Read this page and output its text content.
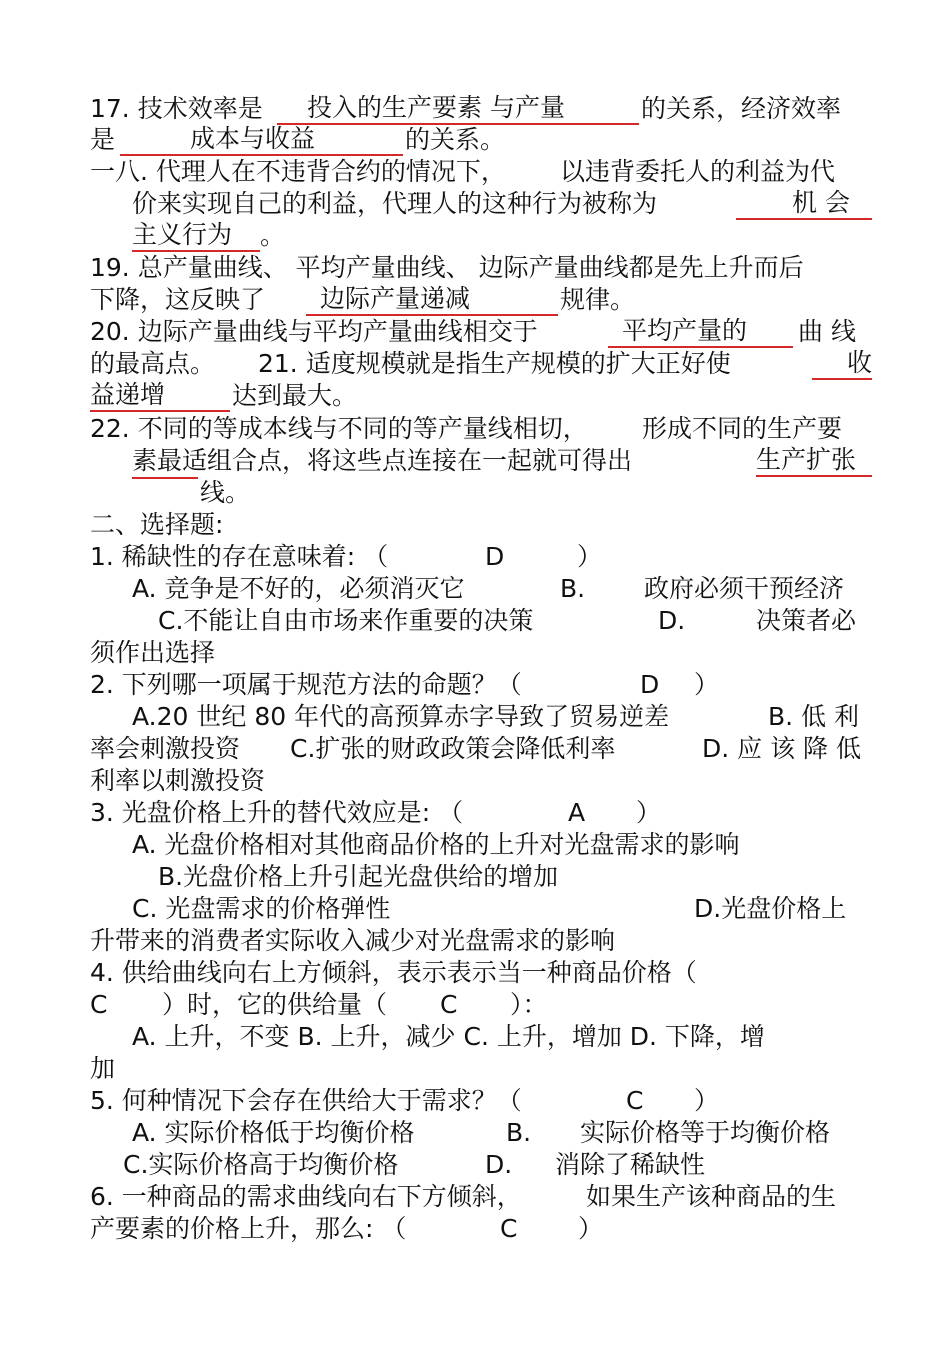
17. 技术效率是	投入的生产要素 与产量	的关系，经济效率
是	成本与收益	的关系。
一八. 代理人在不违背合约的情况下， 以违背委托人的利益为代
价来实现自己的利益，代理人的这种行为被称为	机 会
主义行为	。
19. 总产量曲线、 平均产量曲线、 边际产量曲线都是先上升而后
下降，这反映了	边际产量递减	规律。
20. 边际产量曲线与平均产量曲线相交于	平均产量的	曲 线
的最高点。 21. 适度规模就是指生产规模的扩大正好使	收
益递增	达到最大。
22. 不同的等成本线与不同的等产量线相切， 形成不同的生产要
素最适组合点，将这些点连接在一起就可得出	生产扩张
线。
二、选择题:
1. 稀缺性的存在意味着: （	D	）
A. 竞争是不好的，必须消灭它	B. 政府必须干预经济
C.不能让自由市场来作重要的决策	D.	决策者必
须作出选择
2. 下列哪一项属于规范方法的命题？（	D ）
A.20 世纪 80 年代的高预算赤字导致了贸易逆差	B. 低 利
率会刺激投资 C.扩张的财政政策会降低利率	D. 应 该 降 低
利率以刺激投资
3. 光盘价格上升的替代效应是: （	A ）
A. 光盘价格相对其他商品价格的上升对光盘需求的影响
B.光盘价格上升引起光盘供给的增加
C. 光盘需求的价格弹性	D.光盘价格上
升带来的消费者实际收入减少对光盘需求的影响
4. 供给曲线向右上方倾斜，表示表示当一种商品价格（
C ）时，它的供给量（ C ）：
A. 上升，不变 B. 上升，减少 C. 上升，增加 D. 下降，增
加
5. 何种情况下会存在供给大于需求？（	C ）
A. 实际价格低于均衡价格	B. 实际价格等于均衡价格
C.实际价格高于均衡价格	D. 消除了稀缺性
6. 一种商品的需求曲线向右下方倾斜，	如果生产该种商品的生
产要素的价格上升，那么: （	C ）
